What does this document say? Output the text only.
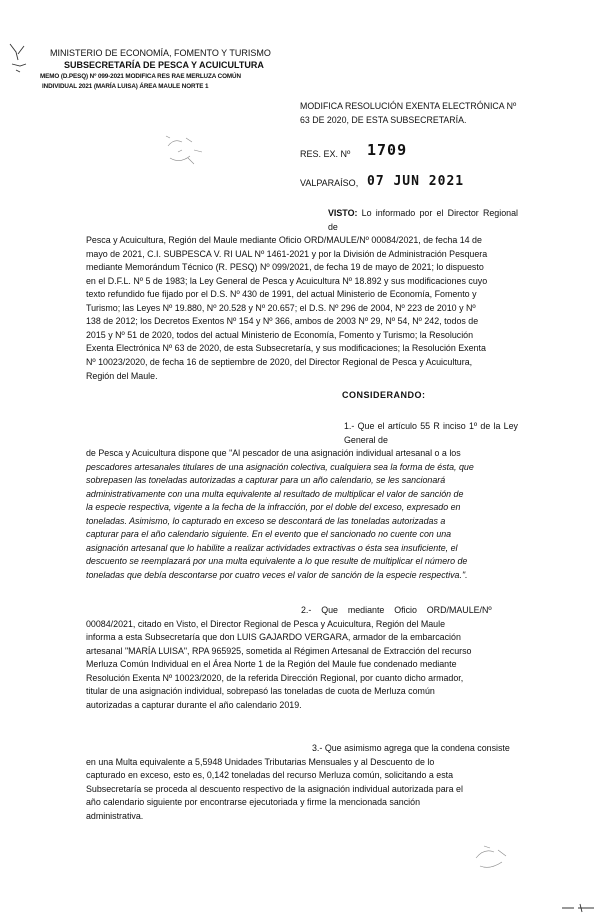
MINISTERIO DE ECONOMÍA, FOMENTO Y TURISMO
SUBSECRETARÍA DE PESCA Y ACUICULTURA
MEMO (D.PESQ) Nº 099-2021 MODIFICA RES RAE MERLUZA COMÚN
INDIVIDUAL 2021 (MARÍA LUISA) ÁREA MAULE NORTE 1
MODIFICA RESOLUCIÓN EXENTA ELECTRÓNICA Nº
63 DE 2020, DE ESTA SUBSECRETARÍA.
RES. EX. Nº 1709
VALPARAÍSO, 07 JUN 2021
VISTO: Lo informado por el Director Regional de
Pesca y Acuicultura, Región del Maule mediante Oficio ORD/MAULE/Nº 00084/2021, de fecha 14 de
mayo de 2021, C.I. SUBPESCA V. RI UAL Nº 1461-2021 y por la División de Administración Pesquera
mediante Memorándum Técnico (R. PESQ) Nº 099/2021, de fecha 19 de mayo de 2021; lo dispuesto
en el D.F.L. Nº 5 de 1983; la Ley General de Pesca y Acuicultura Nº 18.892 y sus modificaciones cuyo
texto refundido fue fijado por el D.S. Nº 430 de 1991, del actual Ministerio de Economía, Fomento y
Turismo; las Leyes Nº 19.880, Nº 20.528 y Nº 20.657; el D.S. Nº 296 de 2004, Nº 223 de 2010 y Nº
138 de 2012; los Decretos Exentos Nº 154 y Nº 366, ambos de 2003 Nº 29, Nº 54, Nº 242, todos de
2015 y Nº 51 de 2020, todos del actual Ministerio de Economía, Fomento y Turismo; la Resolución
Exenta Electrónica Nº 63 de 2020, de esta Subsecretaría, y sus modificaciones; la Resolución Exenta
Nº 10023/2020, de fecha 16 de septiembre de 2020, del Director Regional de Pesca y Acuicultura,
Región del Maule.
CONSIDERANDO:
1.- Que el artículo 55 R inciso 1º de la Ley General de
de Pesca y Acuicultura dispone que "Al pescador de una asignación individual artesanal o a los
pescadores artesanales titulares de una asignación colectiva, cualquiera sea la forma de ésta, que
sobrepasen las toneladas autorizadas a capturar para un año calendario, se les sancionará
administrativamente con una multa equivalente al resultado de multiplicar el valor de sanción de
la especie respectiva, vigente a la fecha de la infracción, por el doble del exceso, expresado en
toneladas. Asimismo, lo capturado en exceso se descontará de las toneladas autorizadas a
capturar para el año calendario siguiente. En el evento que el sancionado no cuente con una
asignación artesanal que lo habilite a realizar actividades extractivas o ésta sea insuficiente, el
descuento se reemplazará por una multa equivalente a lo que resulte de multiplicar el número de
toneladas que debía descontarse por cuatro veces el valor de sanción de la especie respectiva.".
2.-    Que    mediante    Oficio    ORD/MAULE/Nº
00084/2021, citado en Visto, el Director Regional de Pesca y Acuicultura, Región del Maule
informa a esta Subsecretaría que don LUIS GAJARDO VERGARA, armador de la embarcación
artesanal "MARÍA LUISA", RPA 965925, sometida al Régimen Artesanal de Extracción del recurso
Merluza Común Individual en el Área Norte 1 de la Región del Maule fue condenado mediante
Resolución Exenta Nº 10023/2020, de la referida Dirección Regional, por cuanto dicho armador,
titular de una asignación individual, sobrepasó las toneladas de cuota de Merluza común
autorizadas a capturar durante el año calendario 2019.
3.- Que asimismo agrega que la condena consiste
en una Multa equivalente a 5,5948 Unidades Tributarias Mensuales y al Descuento de lo
capturado en exceso, esto es, 0,142 toneladas del recurso Merluza común, solicitando a esta
Subsecretaría se proceda al descuento respectivo de la asignación individual autorizada para el
año calendario siguiente por encontrarse ejecutoriada y firme la mencionada sanción
administrativa.
